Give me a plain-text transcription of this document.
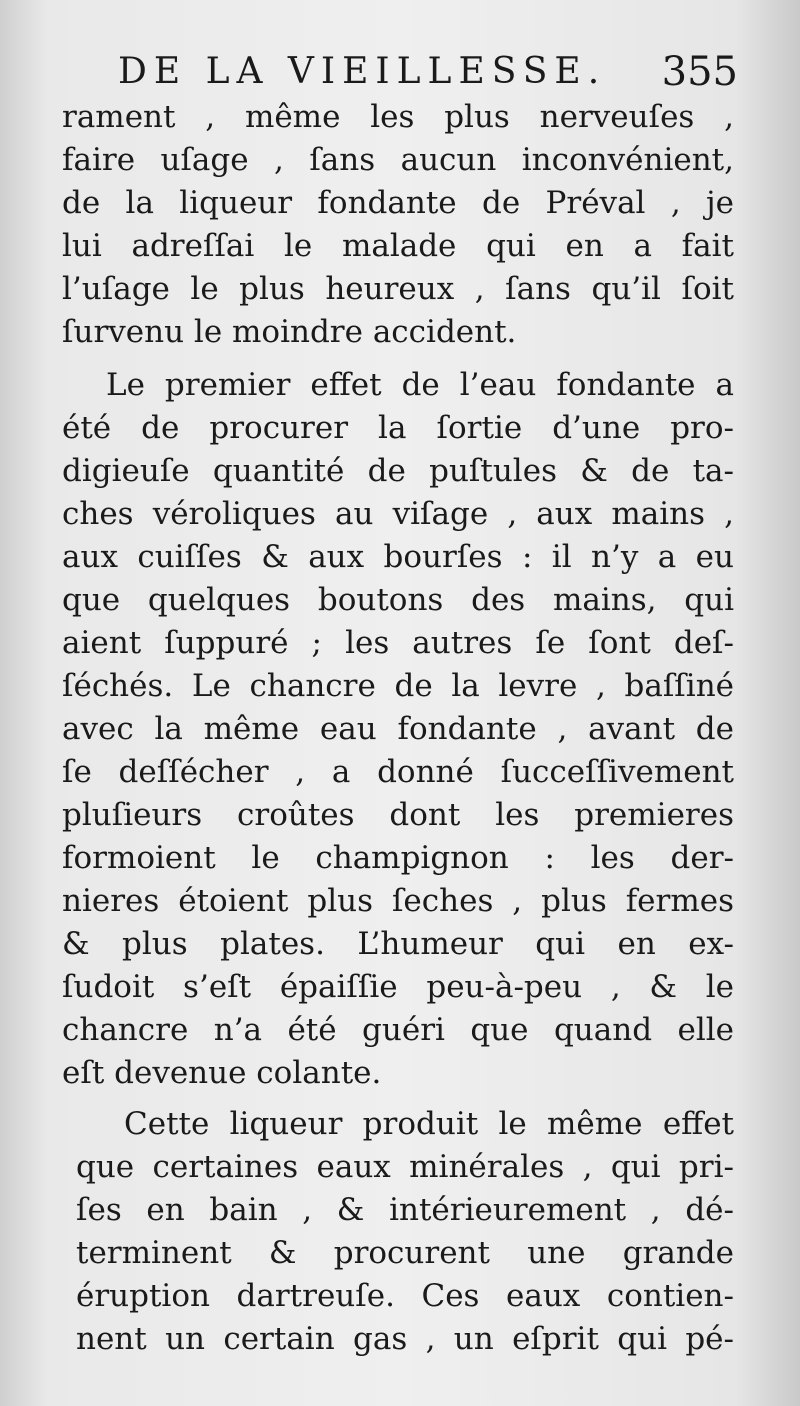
DE LA VIEILLESSE. 355
rament , même les plus nerveuſes ,
faire uſage , ſans aucun inconvénient,
de la liqueur fondante de Préval , je
lui adreſſai le malade qui en a fait
l’uſage le plus heureux , ſans qu’il ſoit
ſurvenu le moindre accident.
Le premier effet de l’eau fondante a
été de procurer la ſortie d’une pro-
digieuſe quantité de puſtules & de ta-
ches véroliques au viſage , aux mains ,
aux cuiſſes & aux bourſes : il n’y a eu
que quelques boutons des mains, qui
aient ſuppuré ; les autres ſe ſont deſ-
ſéchés. Le chancre de la levre , baſſiné
avec la même eau fondante , avant de
ſe deſſécher , a donné ſucceſſivement
pluſieurs croûtes dont les premieres
formoient le champignon : les der-
nieres étoient plus ſeches , plus fermes
& plus plates. L’humeur qui en ex-
ſudoit s’eſt épaiſſie peu-à-peu , & le
chancre n’a été guéri que quand elle
eſt devenue colante.
Cette liqueur produit le même effet
que certaines eaux minérales , qui pri-
ſes en bain , & intérieurement , dé-
terminent & procurent une grande
éruption dartreuſe. Ces eaux contien-
nent un certain gas , un eſprit qui pé-
